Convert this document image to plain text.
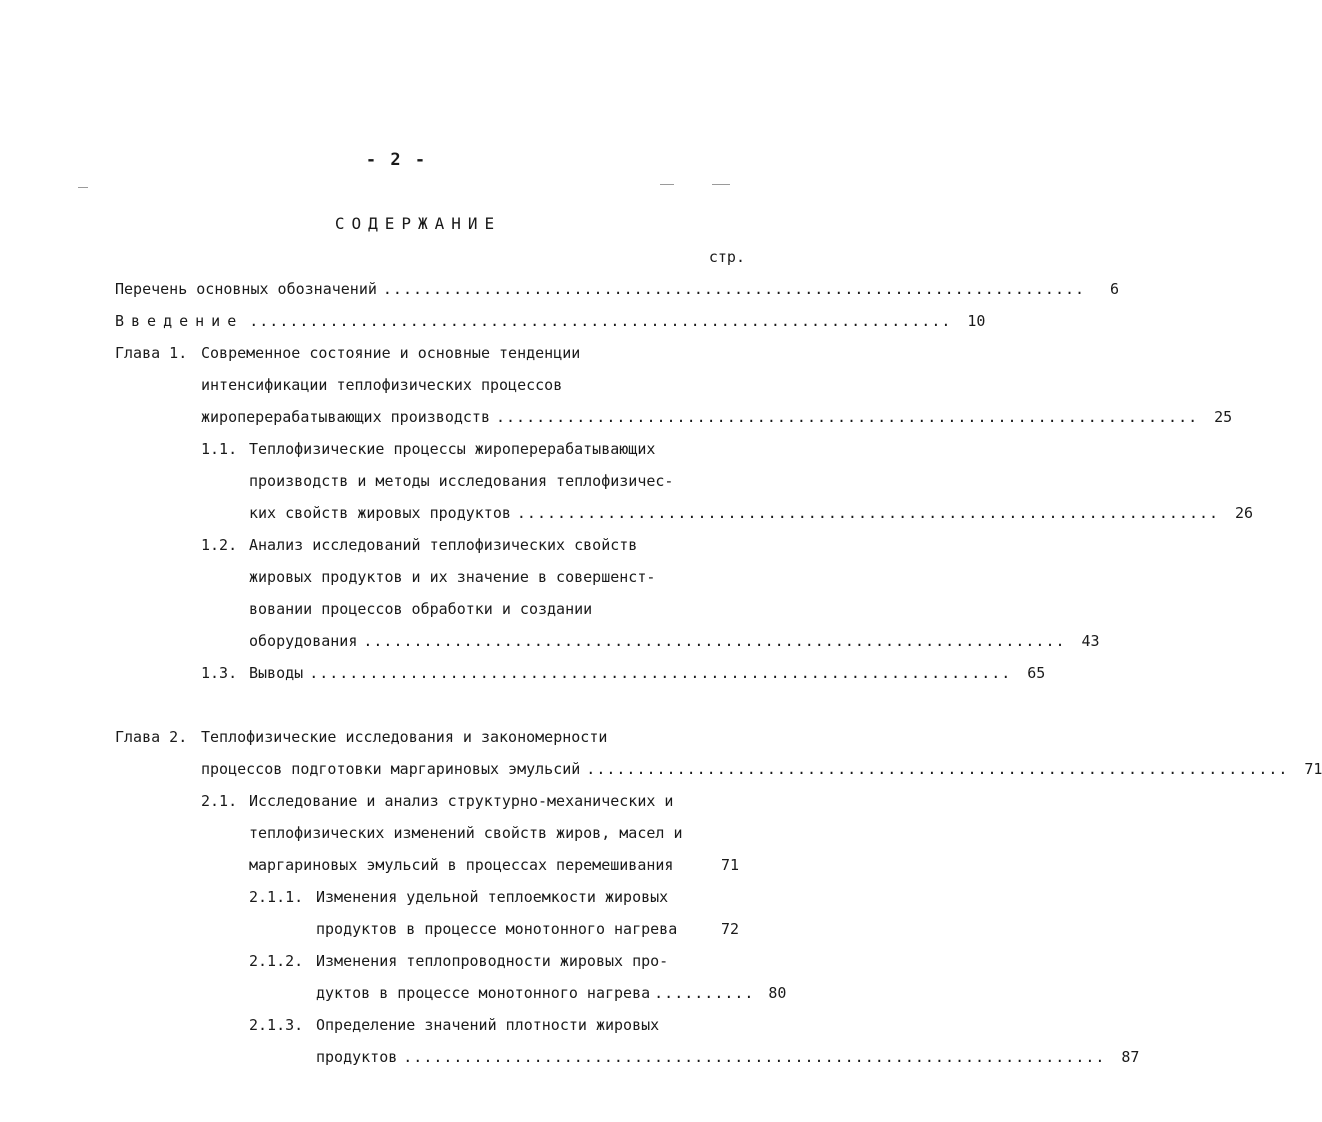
- 2 -
СОДЕРЖАНИЕ
стр.
Перечень основных обозначений ......................................................................	6
Введение ......................................................................	10
Глава 1. Современное состояние и основные тенденции
интенсификации теплофизических процессов
жироперерабатывающих производств ......................................................................	25
1.1. Теплофизические процессы жироперерабатывающих
производств и методы исследования теплофизичес-
ких свойств жировых продуктов ......................................................................	26
1.2. Анализ исследований теплофизических свойств
жировых продуктов и их значение в совершенст-
вовании процессов обработки и создании
оборудования ......................................................................	43
1.3. Выводы ......................................................................	65
Глава 2. Теплофизические исследования и закономерности
процессов подготовки маргариновых эмульсий ......................................................................	71
2.1. Исследование и анализ структурно-механических и
теплофизических изменений свойств жиров, масел и
маргариновых эмульсий в процессах перемешивания	71
2.1.1. Изменения удельной теплоемкости жировых
продуктов в процессе монотонного нагрева	72
2.1.2. Изменения теплопроводности жировых про-
дуктов в процессе монотонного нагрева .......... 80
2.1.3. Определение значений плотности жировых
продуктов ......................................................................	87
